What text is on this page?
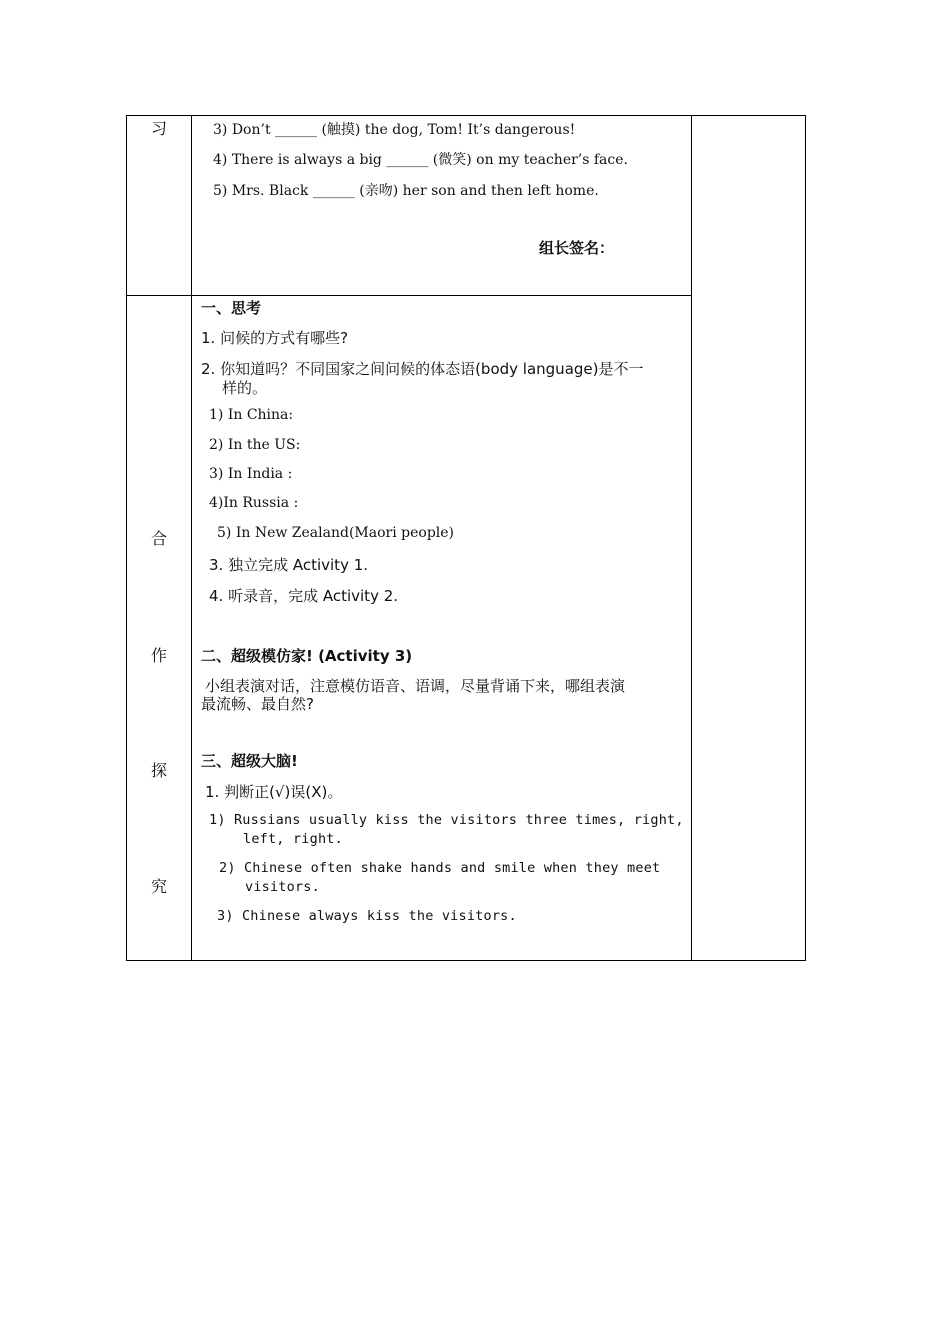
习
合
作
探
究
3) Don’t ______ (触摸) the dog, Tom! It’s dangerous!
4) There is always a big ______ (微笑) on my teacher’s face.
5) Mrs. Black ______ (亲吻) her son and then left home.
组长签名：
一、思考
1. 问候的方式有哪些?
2. 你知道吗？不同国家之间问候的体态语(body language)是不一
样的。
1) In China:
2) In the US:
3) In India :
4)In Russia :
5) In New Zealand(Maori people)
3. 独立完成 Activity 1.
4. 听录音，完成 Activity 2.
二、超级模仿家! (Activity 3)
小组表演对话，注意模仿语音、语调，尽量背诵下来，哪组表演
最流畅、最自然?
三、超级大脑!
1. 判断正(√)误(X)。
1) Russians usually kiss the visitors three times, right,
left, right.
2) Chinese often shake hands and smile when they meet
visitors.
3) Chinese always kiss the visitors.
